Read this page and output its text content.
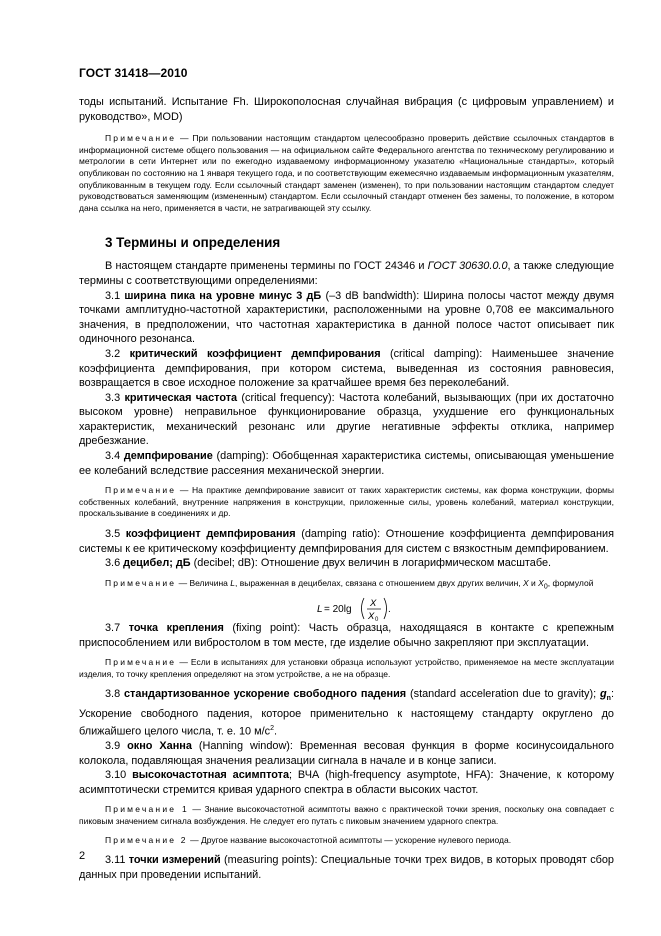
ГОСТ 31418—2010

тоды испытаний. Испытание Fh. Широкополосная случайная вибрация (с цифровым управлением) и руководство», MOD)

Примечание — При пользовании настоящим стандартом целесообразно проверить действие ссылочных стандартов в информационной системе общего пользования — на официальном сайте Федерального агентства по техническому регулированию и метрологии в сети Интернет или по ежегодно издаваемому информационному указателю «Национальные стандарты», который опубликован по состоянию на 1 января текущего года, и по соответствующим ежемесячно издаваемым информационным указателям, опубликованным в текущем году. Если ссылочный стандарт заменен (изменен), то при пользовании настоящим стандартом следует руководствоваться заменяющим (измененным) стандартом. Если ссылочный стандарт отменен без замены, то положение, в котором дана ссылка на него, применяется в части, не затрагивающей эту ссылку.

3 Термины и определения

В настоящем стандарте применены термины по ГОСТ 24346 и ГОСТ 30630.0.0, а также следующие термины с соответствующими определениями:

3.1 ширина пика на уровне минус 3 дБ (–3 dB bandwidth): Ширина полосы частот между двумя точками амплитудно-частотной характеристики, расположенными на уровне 0,708 ее максимального значения, в предположении, что частотная характеристика в данной полосе частот описывает пик одиночного резонанса.

3.2 критический коэффициент демпфирования (critical damping): Наименьшее значение коэффициента демпфирования, при котором система, выведенная из состояния равновесия, возвращается в свое исходное положение за кратчайшее время без переколебаний.

3.3 критическая частота (critical frequency): Частота колебаний, вызывающих (при их достаточно высоком уровне) неправильное функционирование образца, ухудшение его функциональных характеристик, механический резонанс или другие негативные эффекты отклика, например дребезжание.

3.4 демпфирование (damping): Обобщенная характеристика системы, описывающая уменьшение ее колебаний вследствие рассеяния механической энергии.

Примечание — На практике демпфирование зависит от таких характеристик системы, как форма конструкции, формы собственных колебаний, внутренние напряжения в конструкции, приложенные силы, уровень колебаний, материал конструкции, проскальзывание в соединениях и др.

3.5 коэффициент демпфирования (damping ratio): Отношение коэффициента демпфирования системы к ее критическому коэффициенту демпфирования для систем с вязкостным демпфированием.

3.6 децибел; дБ (decibel; dB): Отношение двух величин в логарифмическом масштабе.

Примечание — Величина L, выраженная в децибелах, связана с отношением двух других величин, X и $X_0$, формулой

L = 20lg
X
X 0
.

3.7 точка крепления (fixing point): Часть образца, находящаяся в контакте с крепежным приспособлением или вибростолом в том месте, где изделие обычно закрепляют при эксплуатации.

Примечание — Если в испытаниях для установки образца используют устройство, применяемое на месте эксплуатации изделия, то точку крепления определяют на этом устройстве, а не на образце.

3.8 стандартизованное ускорение свободного падения (standard acceleration due to gravity); $g_n$: Ускорение свободного падения, которое применительно к настоящему стандарту округлено до ближайшего целого числа, т. е. 10 $м/с^2$.

3.9 окно Ханна (Hanning window): Временная весовая функция в форме косинусоидального колокола, подавляющая значения реализации сигнала в начале и в конце записи.

3.10 высокочастотная асимптота; ВЧА (high-frequency asymptote, HFA): Значение, к которому асимптотически стремится кривая ударного спектра в области высоких частот.

Примечание 1 — Знание высокочастотной асимптоты важно с практической точки зрения, поскольку она совпадает с пиковым значением сигнала возбуждения. Не следует его путать с пиковым значением ударного спектра.

Примечание 2 — Другое название высокочастотной асимптоты — ускорение нулевого периода.

3.11 точки измерений (measuring points): Специальные точки трех видов, в которых проводят сбор данных при проведении испытаний.

2
